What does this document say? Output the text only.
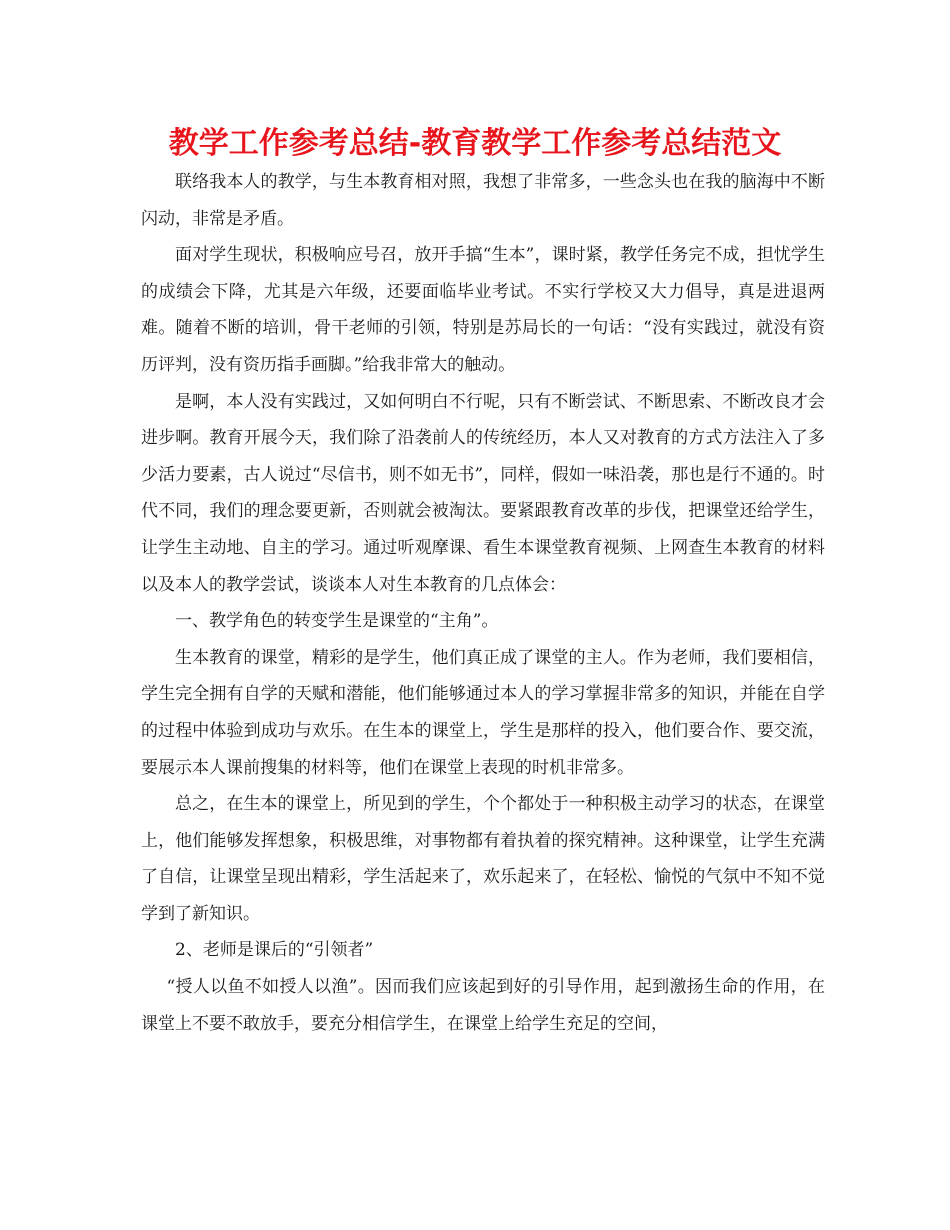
教学工作参考总结-教育教学工作参考总结范文

联络我本人的教学，与生本教育相对照，我想了非常多，一些念头也在我的脑海中不断闪动，非常是矛盾。

面对学生现状，积极响应号召，放开手搞“生本”，课时紧，教学任务完不成，担忧学生的成绩会下降，尤其是六年级，还要面临毕业考试。不实行学校又大力倡导，真是进退两难。随着不断的培训，骨干老师的引领，特别是苏局长的一句话：“没有实践过，就没有资历评判，没有资历指手画脚。”给我非常大的触动。

是啊，本人没有实践过，又如何明白不行呢，只有不断尝试、不断思索、不断改良才会进步啊。教育开展今天，我们除了沿袭前人的传统经历，本人又对教育的方式方法注入了多少活力要素，古人说过“尽信书，则不如无书”，同样，假如一味沿袭，那也是行不通的。时代不同，我们的理念要更新，否则就会被淘汰。要紧跟教育改革的步伐，把课堂还给学生，让学生主动地、自主的学习。通过听观摩课、看生本课堂教育视频、上网查生本教育的材料以及本人的教学尝试，谈谈本人对生本教育的几点体会：

一、教学角色的转变学生是课堂的“主角”。

生本教育的课堂，精彩的是学生，他们真正成了课堂的主人。作为老师，我们要相信，学生完全拥有自学的天赋和潜能，他们能够通过本人的学习掌握非常多的知识，并能在自学的过程中体验到成功与欢乐。在生本的课堂上，学生是那样的投入，他们要合作、要交流，要展示本人课前搜集的材料等，他们在课堂上表现的时机非常多。

总之，在生本的课堂上，所见到的学生，个个都处于一种积极主动学习的状态，在课堂上，他们能够发挥想象，积极思维，对事物都有着执着的探究精神。这种课堂，让学生充满了自信，让课堂呈现出精彩，学生活起来了，欢乐起来了，在轻松、愉悦的气氛中不知不觉学到了新知识。

2、老师是课后的“引领者”

“授人以鱼不如授人以渔”。因而我们应该起到好的引导作用，起到激扬生命的作用，在课堂上不要不敢放手，要充分相信学生，在课堂上给学生充足的空间，
